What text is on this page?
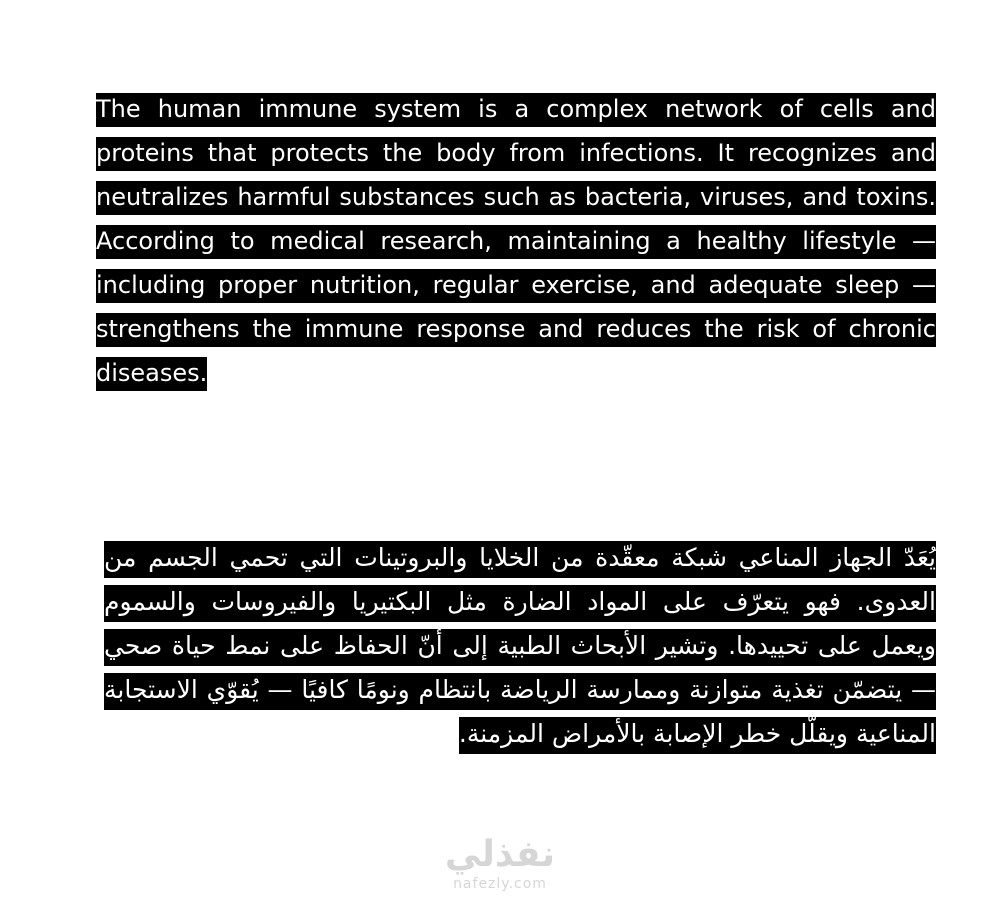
The human immune system is a complex network of cells and proteins that protects the body from infections. It recognizes and neutralizes harmful substances such as bacteria, viruses, and toxins. According to medical research, maintaining a healthy lifestyle — including proper nutrition, regular exercise, and adequate sleep — strengthens the immune response and reduces the risk of chronic diseases.

يُعَدّ الجهاز المناعي شبكة معقّدة من الخلايا والبروتينات التي تحمي الجسم من العدوى. فهو يتعرّف على المواد الضارة مثل البكتيريا والفيروسات والسموم ويعمل على تحييدها. وتشير الأبحاث الطبية إلى أنّ الحفاظ على نمط حياة صحي — يتضمّن تغذية متوازنة وممارسة الرياضة بانتظام ونومًا كافيًا — يُقوّي الاستجابة المناعية ويقلّل خطر الإصابة بالأمراض المزمنة.

نفذلي
nafezly.com
